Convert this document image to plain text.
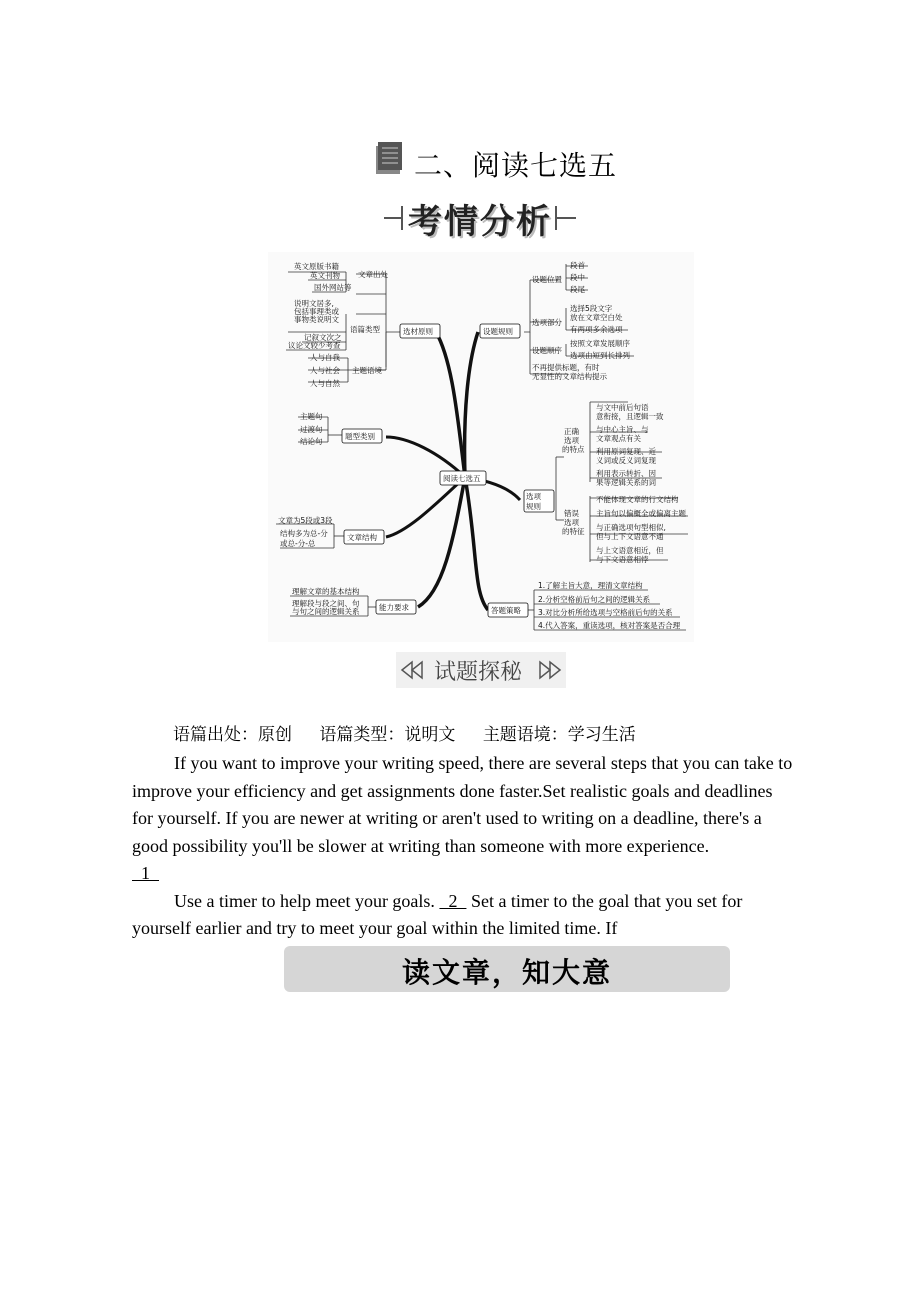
二、阅读七选五
考情分析
阅读七选五
选材原则	设题规则
题型类别
选项
规则
文章结构
能力要求	答题策略
文章出处
英文原版书籍
英文刊物
国外网站等
语篇类型
说明文居多,
包括事理类或
事物类说明文
记叙文次之
议论文较少考查
主题语境
人与自我
人与社会
人与自然
设题位置
段首
段中
段尾
选项部分
选择5段文字
放在文章空白处
有两项多余选项
设题顺序
按照文章发展顺序
选项由短到长排列
不再提供标题，有时
无显性的文章结构提示
主题句
过渡句
结论句
正确
选项
的特点
与文中前后句语
意衔接，且逻辑一致
与中心主旨、与
文章观点有关
利用原词复现、近
义词或反义词复现
利用表示转折、因
果等逻辑关系的词
错误
选项
的特征
不能体现文章的行文结构
主旨句以偏概全或偏离主题
与正确选项句型相似,
但与上下文语意不通
与上文语意相近，但
与下文语意相悖
文章为5段或3段
结构多为总-分
或总-分-总
理解文章的基本结构
理解段与段之间、句
与句之间的逻辑关系
1.了解主旨大意，理清文章结构
2.分析空格前后句之间的逻辑关系
3.对比分析所给选项与空格前后句的关系
4.代入答案，重读选项，核对答案是否合理
试题探秘
语篇出处：原创 语篇类型：说明文 主题语境：学习生活

If you want to improve your writing speed, there are several steps that you can take to improve your efficiency and get assignments done faster.Set realistic goals and deadlines for yourself. If you are newer at writing or aren't used to writing on a deadline, there's a good possibility you'll be slower at writing than someone with more experience.

1

Use a timer to help meet your goals.   2   Set a timer to the goal that you set for yourself earlier and try to meet your goal within the limited time. If

读文章，知大意
